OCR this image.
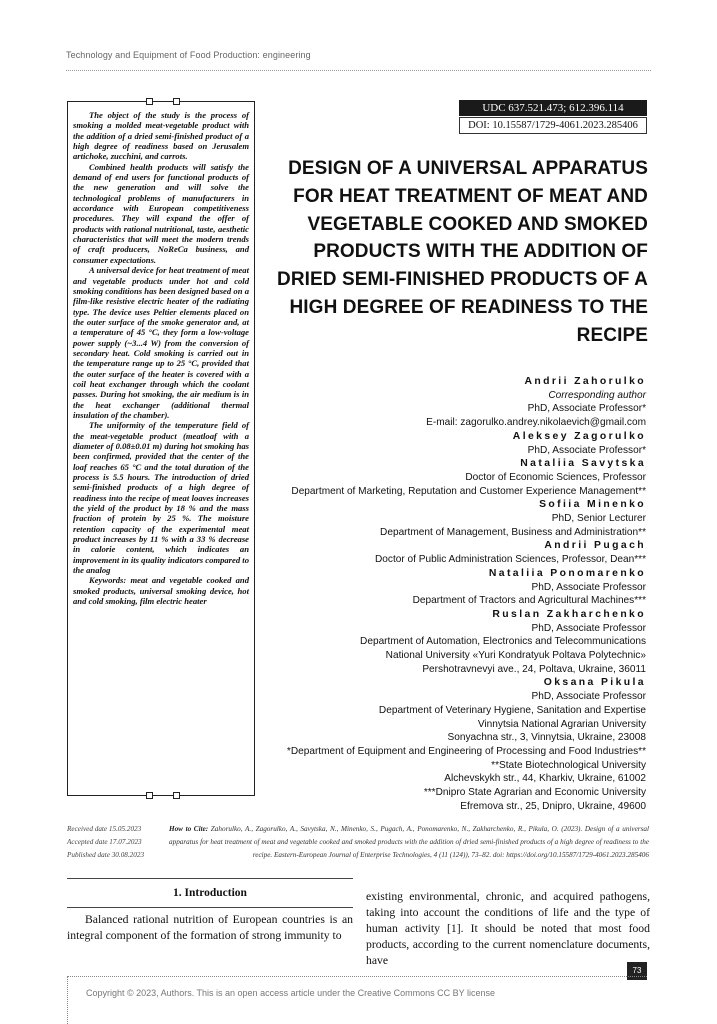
Technology and Equipment of Food Production: engineering

The object of the study is the process of smoking a molded meat-vegetable product with the addition of a dried semi-finished product of a high degree of readiness based on Jerusalem artichoke, zucchini, and carrots.

Combined health products will satisfy the demand of end users for functional products of the new generation and will solve the technological problems of manufacturers in accordance with European competitiveness procedures. They will expand the offer of products with rational nutritional, taste, aesthetic characteristics that will meet the modern trends of craft producers, NoReCa business, and consumer expectations.

A universal device for heat treatment of meat and vegetable products under hot and cold smoking conditions has been designed based on a film-like resistive electric heater of the radiating type. The device uses Peltier elements placed on the outer surface of the smoke generator and, at a temperature of 45 °C, they form a low-voltage power supply (~3...4 W) from the conversion of secondary heat. Cold smoking is carried out in the temperature range up to 25 °C, provided that the outer surface of the heater is covered with a coil heat exchanger through which the coolant passes. During hot smoking, the air medium is in the heat exchanger (additional thermal insulation of the chamber).

The uniformity of the temperature field of the meat-vegetable product (meatloaf with a diameter of 0.08±0.01 m) during hot smoking has been confirmed, provided that the center of the loaf reaches 65 °C and the total duration of the process is 5.5 hours. The introduction of dried semi-finished products of a high degree of readiness into the recipe of meat loaves increases the yield of the product by 18 % and the mass fraction of protein by 25 %. The moisture retention capacity of the experimental meat product increases by 11 % with a 33 % decrease in calorie content, which indicates an improvement in its quality indicators compared to the analog

Keywords: meat and vegetable cooked and smoked products, universal smoking device, hot and cold smoking, film electric heater

UDC 637.521.473; 612.396.114
DOI: 10.15587/1729-4061.2023.285406
DESIGN OF A UNIVERSAL APPARATUS FOR HEAT TREATMENT OF MEAT AND VEGETABLE COOKED AND SMOKED PRODUCTS WITH THE ADDITION OF DRIED SEMI-FINISHED PRODUCTS OF A HIGH DEGREE OF READINESS TO THE RECIPE
Andrii Zahorulko
Corresponding author
PhD, Associate Professor*
E-mail: zagorulko.andrey.nikolaevich@gmail.com
Aleksey Zagorulko
PhD, Associate Professor*
Nataliia Savytska
Doctor of Economic Sciences, Professor
Department of Marketing, Reputation and Customer Experience Management**
Sofiia Minenko
PhD, Senior Lecturer
Department of Management, Business and Administration**
Andrii Pugach
Doctor of Public Administration Sciences, Professor, Dean***
Nataliia Ponomarenko
PhD, Associate Professor
Department of Tractors and Agricultural Machines***
Ruslan Zakharchenko
PhD, Associate Professor
Department of Automation, Electronics and Telecommunications
National University «Yuri Kondratyuk Poltava Polytechnic»
Pershotravnevyi ave., 24, Poltava, Ukraine, 36011
Oksana Pikula
PhD, Associate Professor
Department of Veterinary Hygiene, Sanitation and Expertise
Vinnytsia National Agrarian University
Sonyachna str., 3, Vinnytsia, Ukraine, 23008
*Department of Equipment and Engineering of Processing and Food Industries**
**State Biotechnological University
Alchevskykh str., 44, Kharkiv, Ukraine, 61002
***Dnipro State Agrarian and Economic University
Efremova str., 25, Dnipro, Ukraine, 49600
Received date 15.05.2023
Accepted date 17.07.2023
Published date 30.08.2023
How to Cite: Zahorulko, A., Zagorulko, A., Savytska, N., Minenko, S., Pugach, A., Ponomarenko, N., Zakharchenko, R., Pikula, O. (2023). Design of a universal apparatus for heat treatment of meat and vegetable cooked and smoked products with the addition of dried semi-finished products of a high degree of readiness to the recipe. Eastern-European Journal of Enterprise Technologies, 4 (11 (124)), 73–82. doi: https://doi.org/10.15587/1729-4061.2023.285406
1. Introduction

Balanced rational nutrition of European countries is an integral component of the formation of strong immunity to

existing environmental, chronic, and acquired pathogens, taking into account the conditions of life and the type of human activity [1]. It should be noted that most food products, according to the current nomenclature documents, have

73
Copyright © 2023, Authors. This is an open access article under the Creative Commons CC BY license
